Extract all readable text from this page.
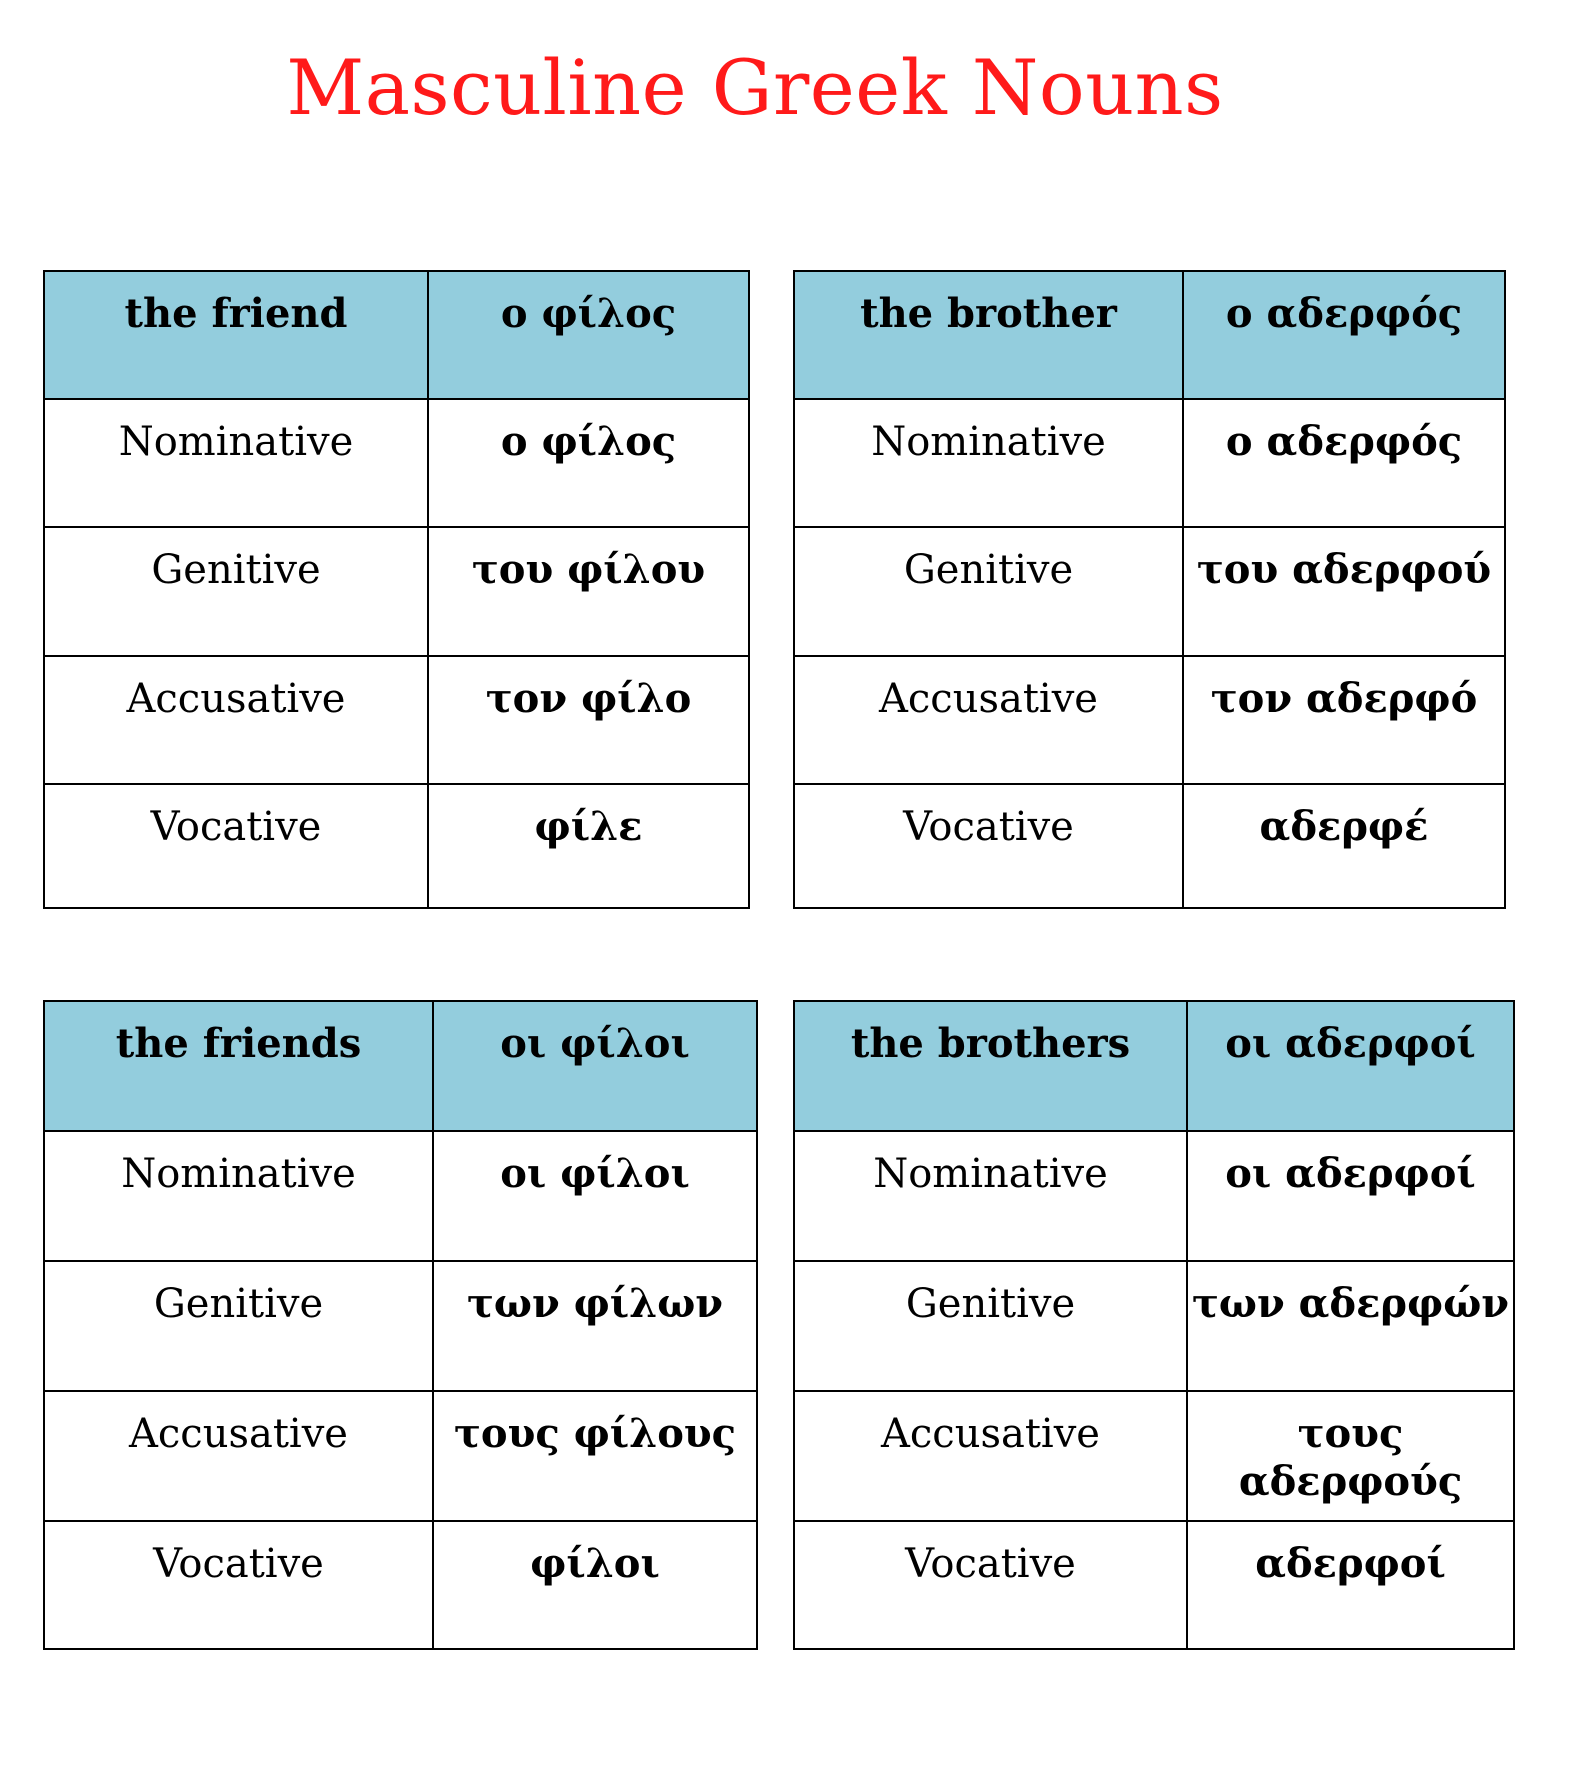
Masculine Greek Nouns
the friend	ο φίλος
Nominative	ο φίλος
Genitive	του φίλου
Accusative	τον φίλο
Vocative	φίλε
the brother	ο αδερφός
Nominative	ο αδερφός
Genitive	του αδερφού
Accusative	τον αδερφό
Vocative	αδερφέ
the friends	οι φίλοι
Nominative	οι φίλοι
Genitive	των φίλων
Accusative	τους φίλους
Vocative	φίλοι
the brothers	οι αδερφοί
Nominative	οι αδερφοί
Genitive	των αδερφών
Accusative	τους αδερφούς
Vocative	αδερφοί
